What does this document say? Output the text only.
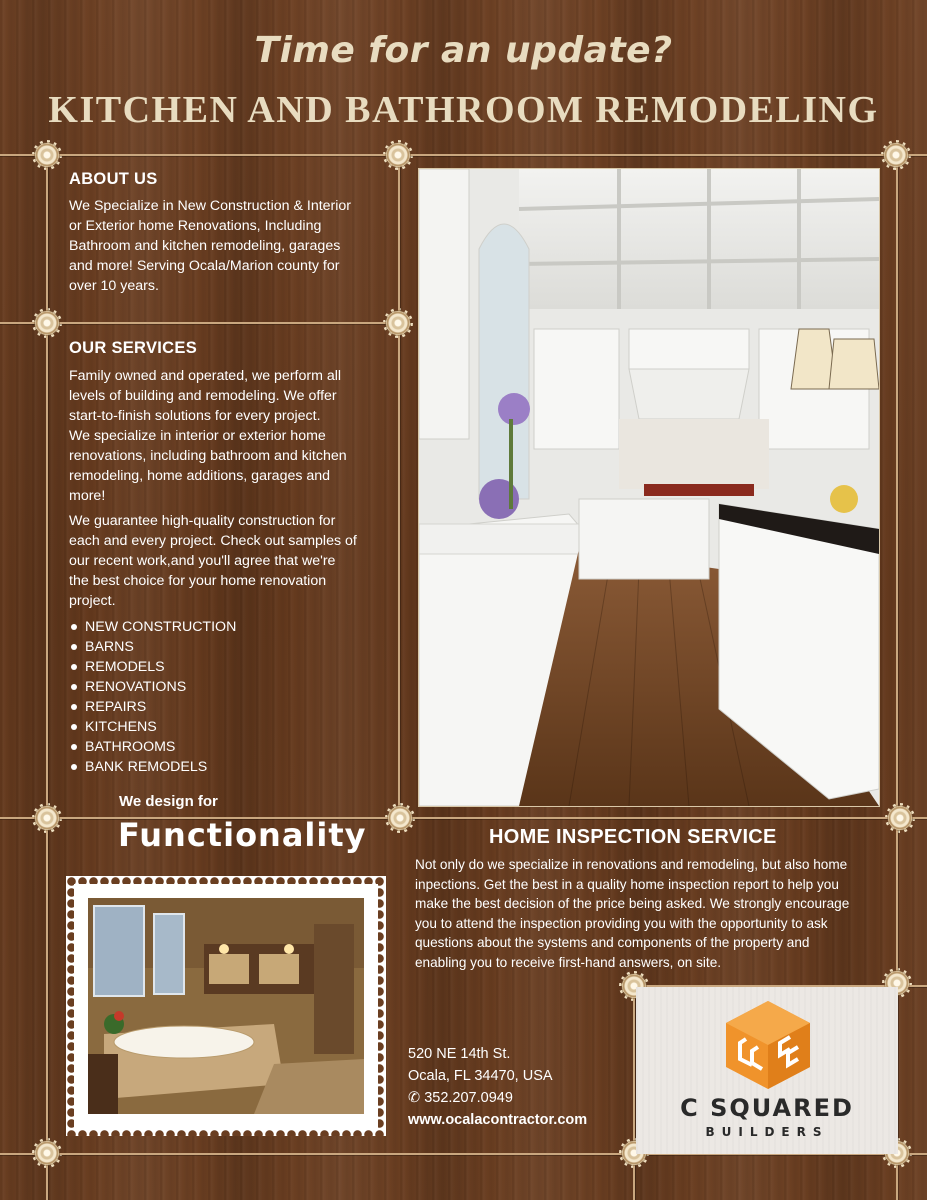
Time for an update?
KITCHEN AND BATHROOM REMODELING
ABOUT US
We Specialize in New Construction & Interior
or Exterior home Renovations, Including
Bathroom and kitchen remodeling, garages
and more! Serving Ocala/Marion county for
over 10 years.
OUR SERVICES
Family owned and operated, we perform all
levels of building and remodeling. We offer
start-to-finish solutions for every project.
We specialize in interior or exterior home
renovations, including bathroom and kitchen
remodeling, home additions, garages and
more!
We guarantee high-quality construction for
each and every project. Check out samples of
our recent work,and you'll agree that we're
the best choice for your home renovation
project.
NEW CONSTRUCTION
BARNS
REMODELS
RENOVATIONS
REPAIRS
KITCHENS
BATHROOMS
BANK REMODELS
We design for
Functionality	HOME INSPECTION SERVICE
Not only do we specialize in renovations and remodeling, but also home
inpections. Get the best in a quality home inspection report to help you
make the best decision of the price being asked. We strongly encourage
you to attend the inspection providing you with the opportunity to ask
questions about the systems and components of the property and
enabling you to receive first-hand answers, on site.
520 NE 14th St.
Ocala, FL 34470, USA
✆ 352.207.0949
www.ocalacontractor.com	C SQUARED
BUILDERS
